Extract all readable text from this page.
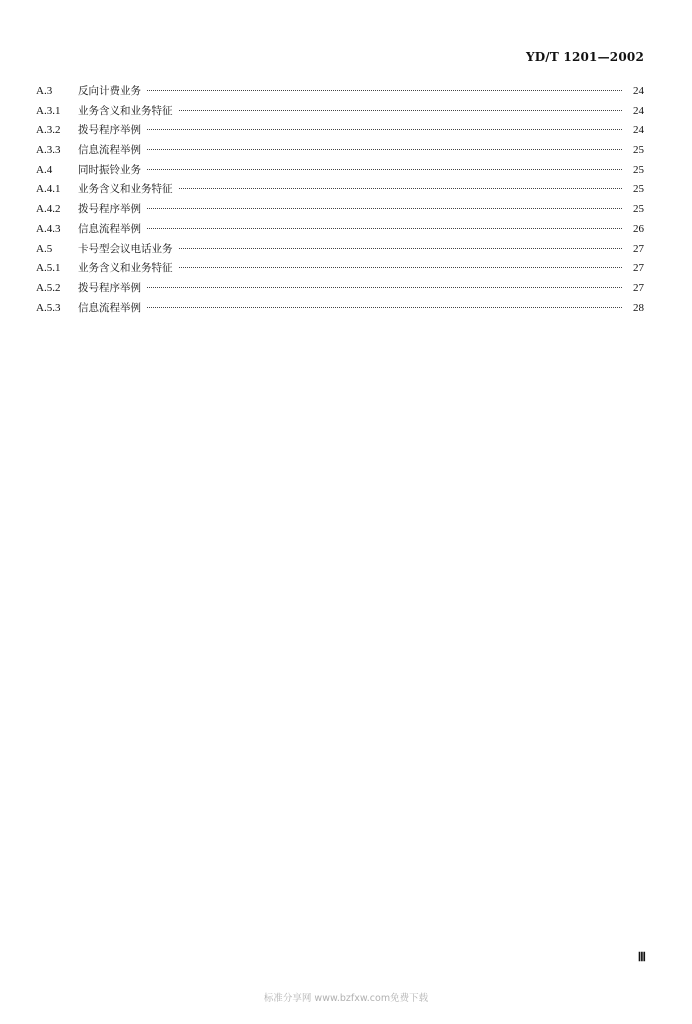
YD/T 1201—2002
A.3	反向计费业务	24
A.3.1	业务含义和业务特征	24
A.3.2	拨号程序举例	24
A.3.3	信息流程举例	25
A.4	同时振铃业务	25
A.4.1	业务含义和业务特征	25
A.4.2	拨号程序举例	25
A.4.3	信息流程举例	26
A.5	卡号型会议电话业务	27
A.5.1	业务含义和业务特征	27
A.5.2	拨号程序举例	27
A.5.3	信息流程举例	28
Ⅲ
标准分享网 www.bzfxw.com免费下载
